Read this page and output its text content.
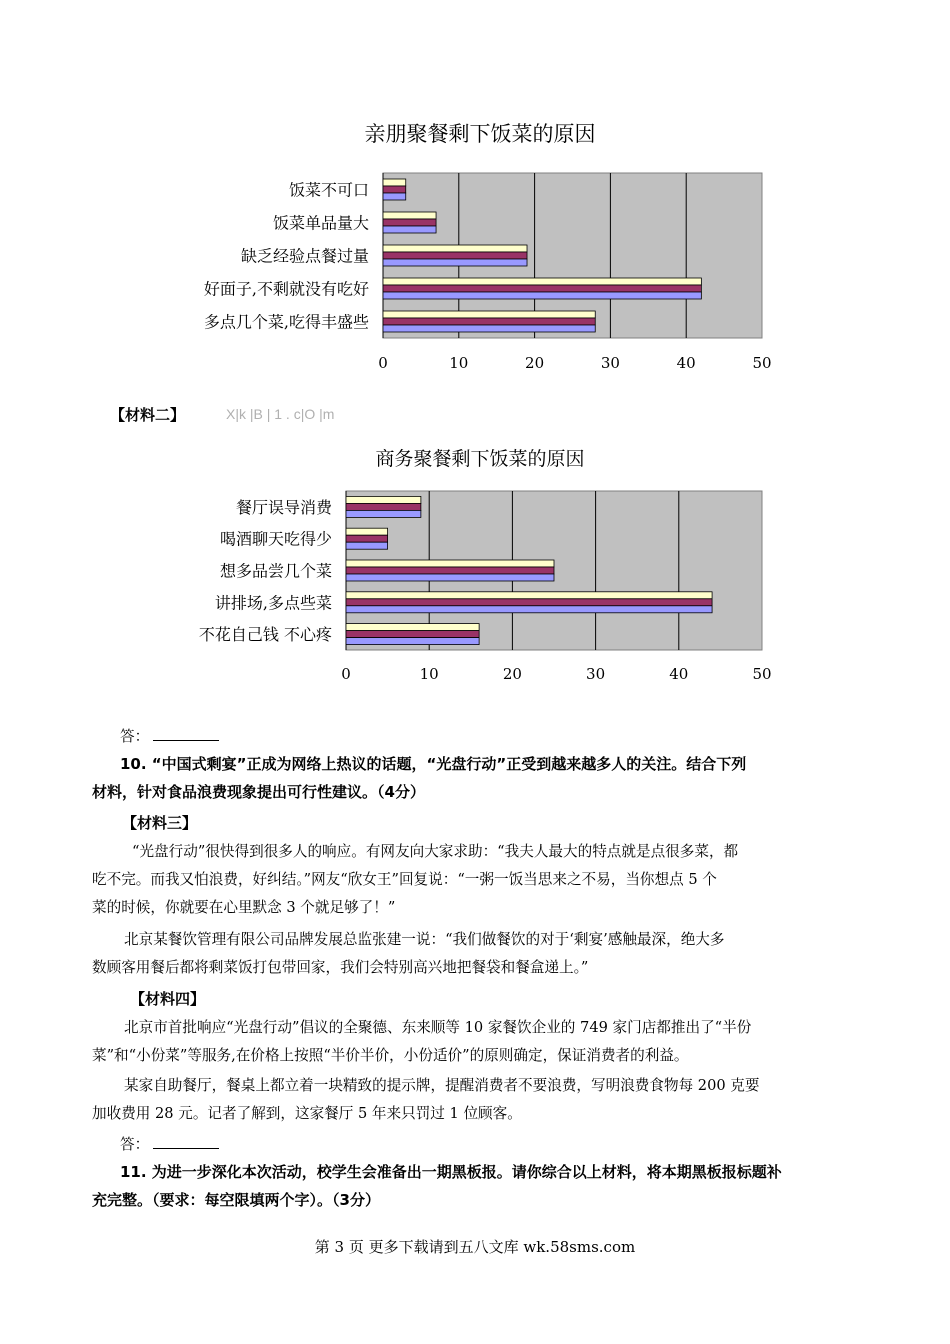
亲朋聚餐剩下饭菜的原因
饭菜不可口
饭菜单品量大
缺乏经验点餐过量
好面子,不剩就没有吃好
多点几个菜,吃得丰盛些
0	10	20	30	40	50
【材料二】	X|k |B | 1 . c|O |m
商务聚餐剩下饭菜的原因
餐厅误导消费
喝酒聊天吃得少
想多品尝几个菜
讲排场,多点些菜
不花自己钱 不心疼
0	10	20	30	40	50
答：
10. “中国式剩宴”正成为网络上热议的话题，“光盘行动”正受到越来越多人的关注。结合下列
材料，针对食品浪费现象提出可行性建议。（4分）
【材料三】
“光盘行动”很快得到很多人的响应。有网友向大家求助：“我夫人最大的特点就是点很多菜，都
吃不完。而我又怕浪费，好纠结。”网友“欣女王”回复说：“一粥一饭当思来之不易，当你想点 5 个
菜的时候，你就要在心里默念 3 个就足够了！”
北京某餐饮管理有限公司品牌发展总监张建一说：“我们做餐饮的对于‘剩宴’感触最深，绝大多
数顾客用餐后都将剩菜饭打包带回家，我们会特别高兴地把餐袋和餐盒递上。”
【材料四】
北京市首批响应“光盘行动”倡议的全聚德、东来顺等 10 家餐饮企业的 749 家门店都推出了“半份
菜”和“小份菜”等服务,在价格上按照“半价半价，小份适价”的原则确定，保证消费者的利益。
某家自助餐厅，餐桌上都立着一块精致的提示牌，提醒消费者不要浪费，写明浪费食物每 200 克要
加收费用 28 元。记者了解到，这家餐厅 5 年来只罚过 1 位顾客。
答：
11. 为进一步深化本次活动，校学生会准备出一期黑板报。请你综合以上材料，将本期黑板报标题补
充完整。（要求：每空限填两个字）。（3分）
第 3 页 更多下载请到五八文库 wk.58sms.com
